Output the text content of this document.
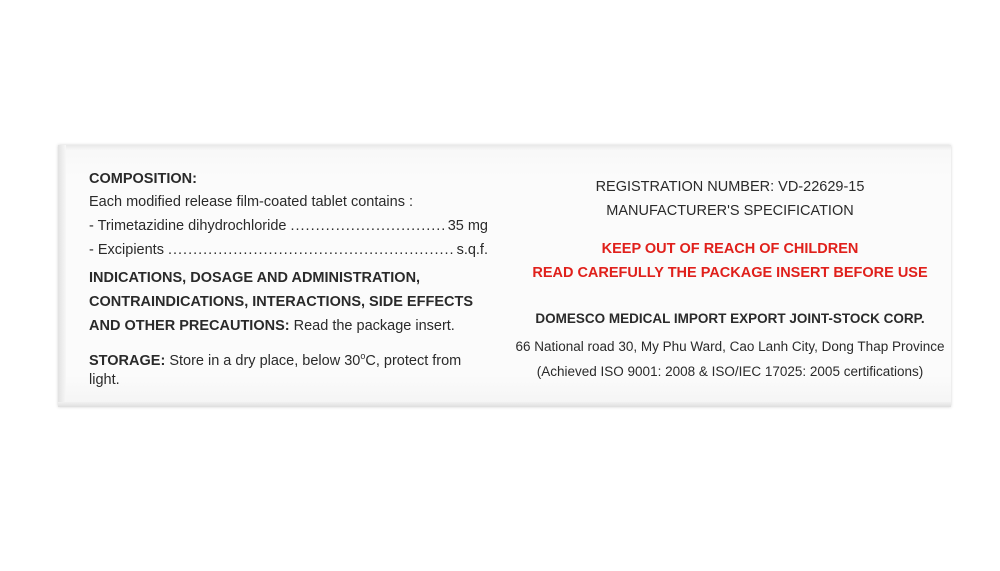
COMPOSITION:
Each modified release film-coated tablet contains :
- Trimetazidine dihydrochloride .....	35 mg
- Excipients .....	s.q.f.
INDICATIONS, DOSAGE AND ADMINISTRATION,
CONTRAINDICATIONS, INTERACTIONS, SIDE EFFECTS
AND OTHER PRECAUTIONS: Read the package insert.
STORAGE: Store in a dry place, below 30$^o$C, protect from
light.
REGISTRATION NUMBER: VD-22629-15
MANUFACTURER'S SPECIFICATION
KEEP OUT OF REACH OF CHILDREN
READ CAREFULLY THE PACKAGE INSERT BEFORE USE
DOMESCO MEDICAL IMPORT EXPORT JOINT-STOCK CORP.
66 National road 30, My Phu Ward, Cao Lanh City, Dong Thap Province
(Achieved ISO 9001: 2008 & ISO/IEC 17025: 2005 certifications)
